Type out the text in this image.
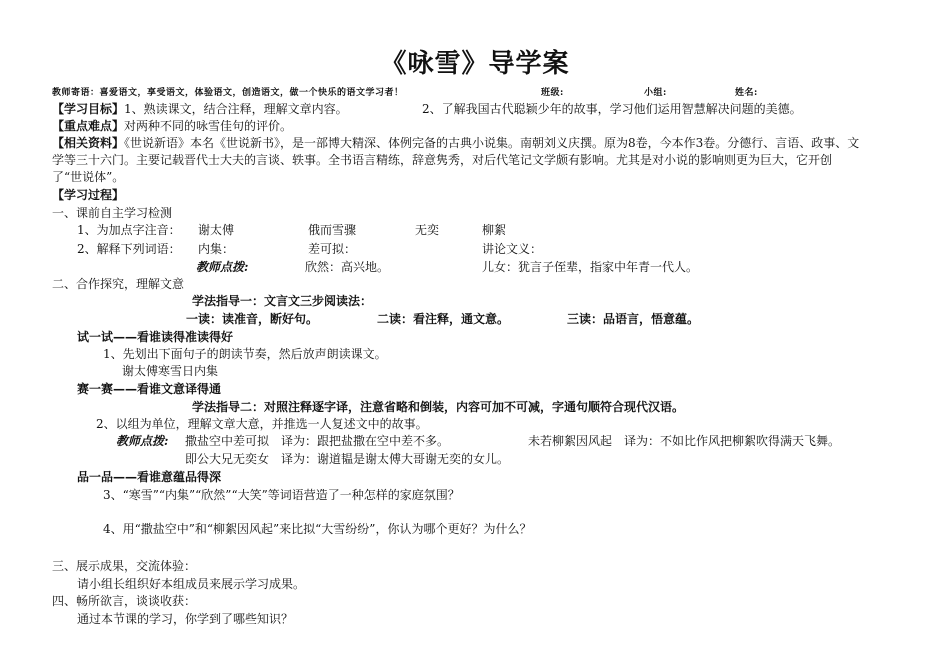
《咏雪》导学案
教师寄语：喜爱语文，享受语文，体验语文，创造语文，做一个快乐的语文学习者！	班级:	小组:	姓名:
【学习目标】1、熟读课文，结合注释，理解文章内容。	2、了解我国古代聪颖少年的故事，学习他们运用智慧解决问题的美德。
【重点难点】对两种不同的咏雪佳句的评价。
【相关资料】《世说新语》本名《世说新书》，是一部博大精深、体例完备的古典小说集。南朝刘义庆撰。原为8卷，今本作3卷。分德行、言语、政事、文
学等三十六门。主要记载晋代士大夫的言谈、轶事。全书语言精练，辞意隽秀，对后代笔记文学颇有影响。尤其是对小说的影响则更为巨大，它开创
了“世说体”。
【学习过程】
一、课前自主学习检测
1、为加点字注音： 谢太傅	俄而雪骤	无奕	柳絮
2、解释下列词语： 内集：	差可拟：	讲论文义：
教师点拨:	欣然：高兴地。	儿女：犹言子侄辈，指家中年青一代人。
二、合作探究，理解文意
学法指导一：文言文三步阅读法：
一读：读准音，断好句。	二读：看注释，通文意。	三读：品语言，悟意蕴。
试一试——看谁读得准读得好
1、先划出下面句子的朗读节奏，然后放声朗读课文。
谢太傅寒雪日内集
赛一赛——看谁文意译得通
学法指导二：对照注释逐字译，注意省略和倒装，内容可加不可减，字通句顺符合现代汉语。
2、以组为单位，理解文章大意，并推选一人复述文中的故事。
教师点拨: 撒盐空中差可拟　译为：跟把盐撒在空中差不多。	未若柳絮因风起　译为：不如比作风把柳絮吹得满天飞舞。
即公大兄无奕女　译为：谢道韫是谢太傅大哥谢无奕的女儿。
品一品——看谁意蕴品得深
3、“寒雪”“内集”“欣然”“大笑”等词语营造了一种怎样的家庭氛围？
4、用“撒盐空中”和“柳絮因风起”来比拟“大雪纷纷”，你认为哪个更好？为什么？
三、展示成果，交流体验：
请小组长组织好本组成员来展示学习成果。
四、畅所欲言，谈谈收获：
通过本节课的学习，你学到了哪些知识？
